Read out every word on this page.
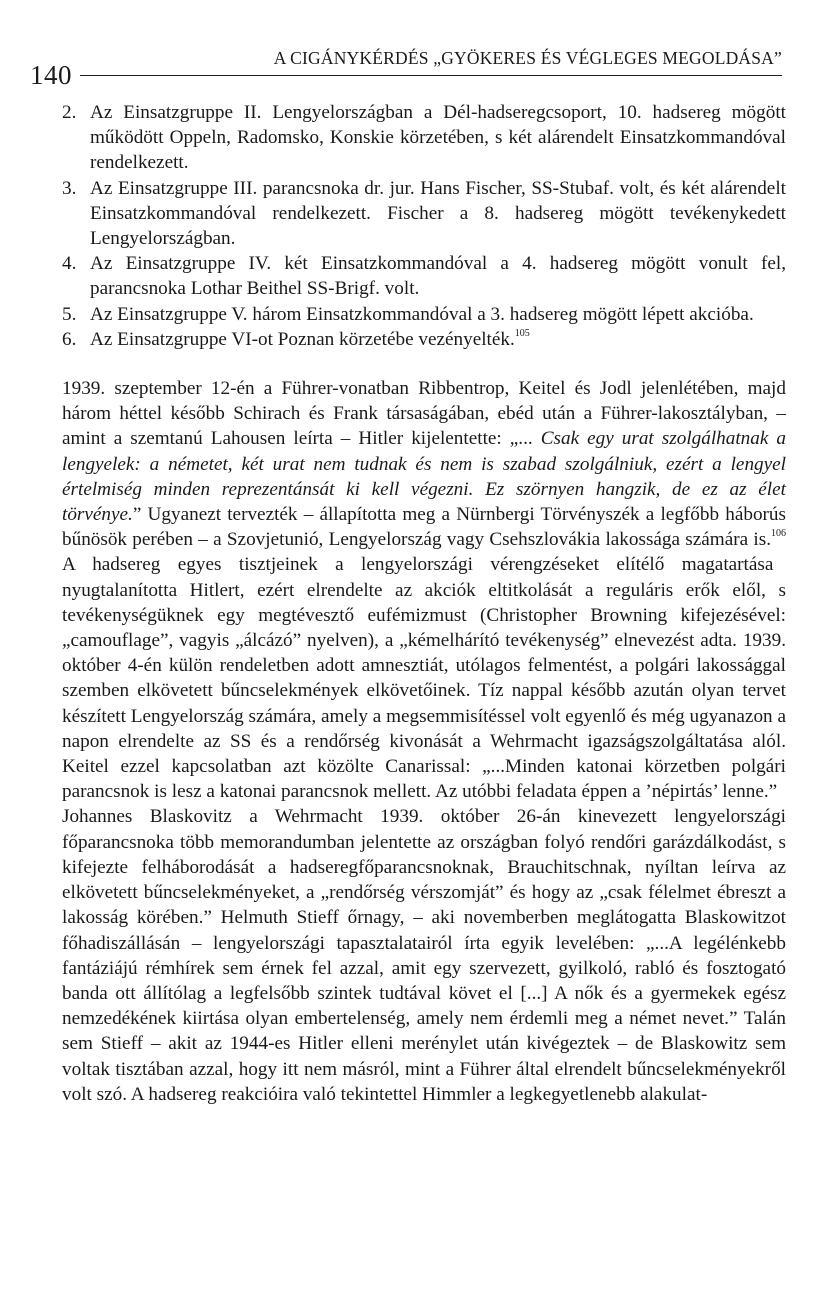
140
A CIGÁNYKÉRDÉS „GYÖKERES ÉS VÉGLEGES MEGOLDÁSA”
2. Az Einsatzgruppe II. Lengyelországban a Dél-hadseregcsoport, 10. hadsereg mögött működött Oppeln, Radomsko, Konskie körzetében, s két alárendelt Einsatzkommandóval rendelkezett.
3. Az Einsatzgruppe III. parancsnoka dr. jur. Hans Fischer, SS-Stubaf. volt, és két alárendelt Einsatzkommandóval rendelkezett. Fischer a 8. hadsereg mögött tevékenykedett Lengyelországban.
4. Az Einsatzgruppe IV. két Einsatzkommandóval a 4. hadsereg mögött vonult fel, parancsnoka Lothar Beithel SS-Brigf. volt.
5. Az Einsatzgruppe V. három Einsatzkommandóval a 3. hadsereg mögött lépett akcióba.
6. Az Einsatzgruppe VI-ot Poznan körzetébe vezényelték.$^{105}$

1939. szeptember 12-én a Führer-vonatban Ribbentrop, Keitel és Jodl jelenlétében, majd három héttel később Schirach és Frank társaságában, ebéd után a Führer-lakosztályban, – amint a szemtanú Lahousen leírta – Hitler kijelentette: „... Csak egy urat szolgálhatnak a lengyelek: a németet, két urat nem tudnak és nem is szabad szolgálniuk, ezért a lengyel értelmiség minden reprezentánsát ki kell végezni. Ez szörnyen hangzik, de ez az élet törvénye.” Ugyanezt tervezték – állapította meg a Nürnbergi Törvényszék a legfőbb háborús bűnösök perében – a Szovjetunió, Lengyelország vagy Csehszlovákia lakossága számára is.$^{106}$ A hadsereg egyes tisztjeinek a lengyelországi vérengzéseket elítélő magatartása nyugtalanította Hitlert, ezért elrendelte az akciók eltitkolását a reguláris erők elől, s tevékenységüknek egy megtévesztő eufémizmust (Christopher Browning kifejezésével: „camouflage”, vagyis „álcázó” nyelven), a „kémelhárító tevékenység” elnevezést adta. 1939. október 4-én külön rendeletben adott amnesztiát, utólagos felmentést, a polgári lakossággal szemben elkövetett bűncselekmények elkövetőinek. Tíz nappal később azután olyan tervet készített Lengyelország számára, amely a megsemmisítéssel volt egyenlő és még ugyanazon a napon elrendelte az SS és a rendőrség kivonását a Wehrmacht igazságszolgáltatása alól. Keitel ezzel kapcsolatban azt közölte Canarissal: „...Minden katonai körzetben polgári parancsnok is lesz a katonai parancsnok mellett. Az utóbbi feladata éppen a ’népirtás’ lenne.”

Johannes Blaskovitz a Wehrmacht 1939. október 26-án kinevezett lengyelországi főparancsnoka több memorandumban jelentette az országban folyó rendőri garázdálkodást, s kifejezte felháborodását a hadseregfőparancsnoknak, Brauchitschnak, nyíltan leírva az elkövetett bűncselekményeket, a „rendőrség vérszomját” és hogy az „csak félelmet ébreszt a lakosság körében.” Helmuth Stieff őrnagy, – aki novemberben meglátogatta Blaskowitzot főhadiszállásán – lengyelországi tapasztalatairól írta egyik levelében: „...A legélénkebb fantáziájú rémhírek sem érnek fel azzal, amit egy szervezett, gyilkoló, rabló és fosztogató banda ott állítólag a legfelsőbb szintek tudtával követ el [...] A nők és a gyermekek egész nemzedékének kiirtása olyan embertelenség, amely nem érdemli meg a német nevet.” Talán sem Stieff – akit az 1944-es Hitler elleni merénylet után kivégeztek – de Blaskowitz sem voltak tisztában azzal, hogy itt nem másról, mint a Führer által elrendelt bűncselekményekről volt szó. A hadsereg reakcióira való tekintettel Himmler a legkegyetlenebb alakulat-
